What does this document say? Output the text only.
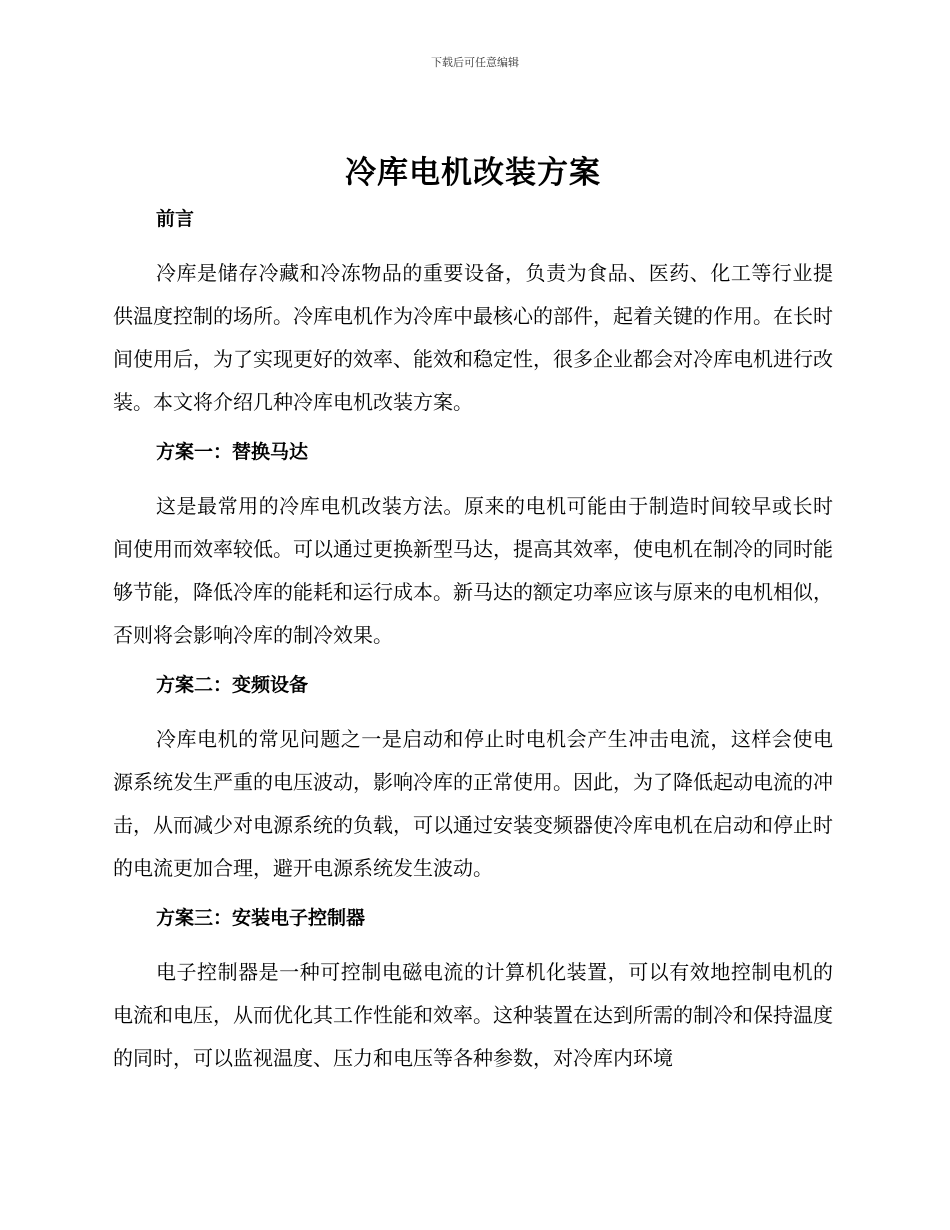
下载后可任意编辑
冷库电机改装方案
前言

冷库是储存冷藏和冷冻物品的重要设备，负责为食品、医药、化工等行业提供温度控制的场所。冷库电机作为冷库中最核心的部件，起着关键的作用。在长时间使用后，为了实现更好的效率、能效和稳定性，很多企业都会对冷库电机进行改装。本文将介绍几种冷库电机改装方案。

方案一：替换马达

这是最常用的冷库电机改装方法。原来的电机可能由于制造时间较早或长时间使用而效率较低。可以通过更换新型马达，提高其效率，使电机在制冷的同时能够节能，降低冷库的能耗和运行成本。新马达的额定功率应该与原来的电机相似，否则将会影响冷库的制冷效果。

方案二：变频设备

冷库电机的常见问题之一是启动和停止时电机会产生冲击电流，这样会使电源系统发生严重的电压波动，影响冷库的正常使用。因此，为了降低起动电流的冲击，从而减少对电源系统的负载，可以通过安装变频器使冷库电机在启动和停止时的电流更加合理，避开电源系统发生波动。

方案三：安装电子控制器

电子控制器是一种可控制电磁电流的计算机化装置，可以有效地控制电机的电流和电压，从而优化其工作性能和效率。这种装置在达到所需的制冷和保持温度的同时，可以监视温度、压力和电压等各种参数，对冷库内环境
